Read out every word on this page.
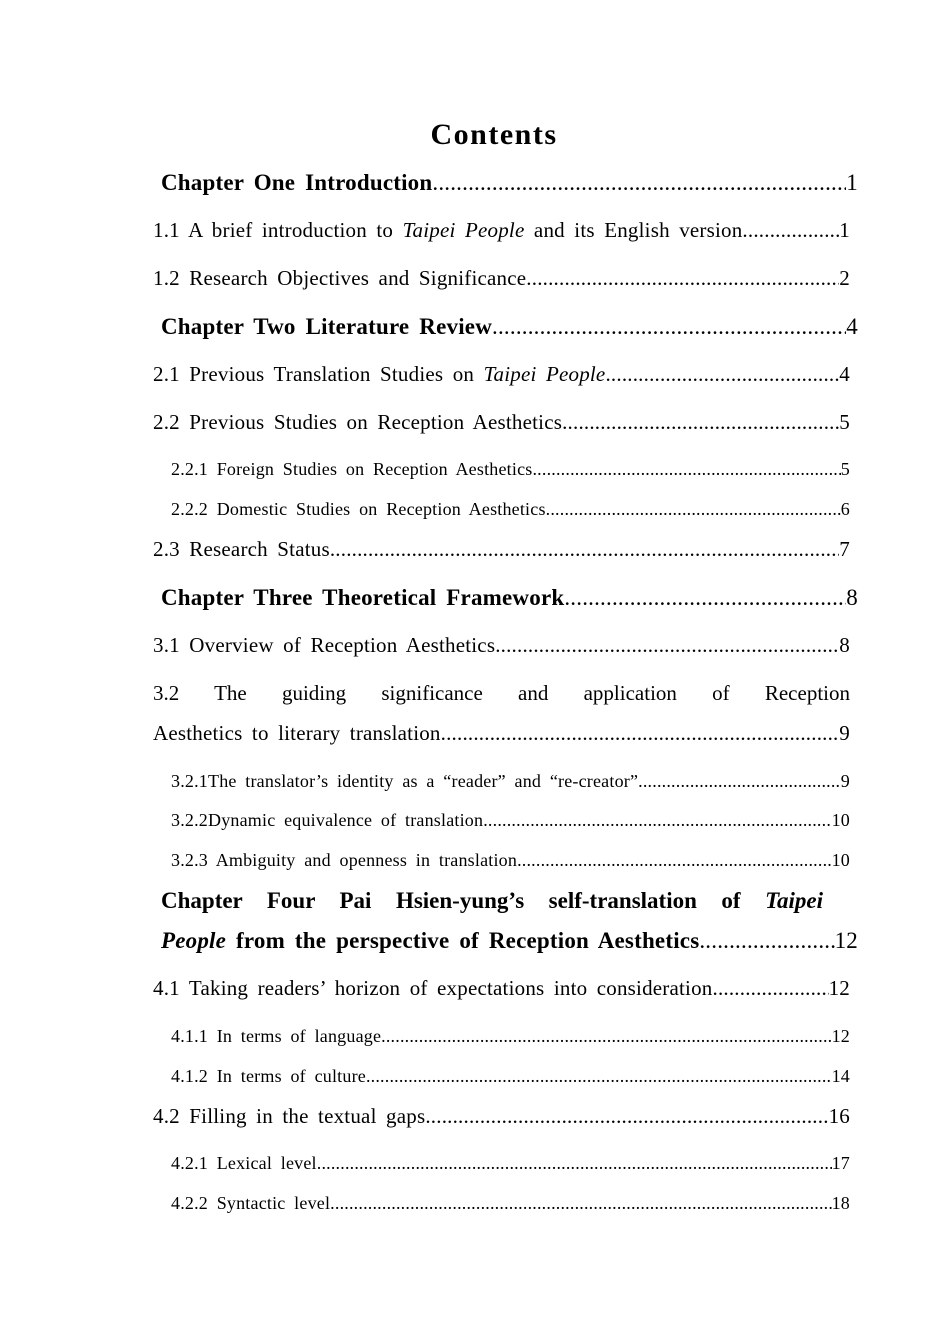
Contents
Chapter One Introduction .....	1
1.1 A brief introduction to Taipei People and its English version. .....	1
1.2 Research Objectives and Significance .....	2
Chapter Two Literature Review .....	4
2.1 Previous Translation Studies on Taipei People .....	4
2.2 Previous Studies on Reception Aesthetics .....	5
2.2.1 Foreign Studies on Reception Aesthetics .....	5
2.2.2 Domestic Studies on Reception Aesthetics .....	6
2.3 Research Status .....	7
Chapter Three Theoretical Framework .....	8
3.1 Overview of Reception Aesthetics .....	8
3.2 The guiding significance and application of Reception
Aesthetics to literary translation .....	9
3.2.1The translator’s identity as a “reader” and “re-creator” .....	9
3.2.2Dynamic equivalence of translation .....	10
3.2.3 Ambiguity and openness in translation .....	10
Chapter Four Pai Hsien-yung’s self-translation of Taipei
People from the perspective of Reception Aesthetics .....	12
4.1 Taking readers’ horizon of expectations into consideration. .....	12
4.1.1 In terms of language .....	12
4.1.2 In terms of culture .....	14
4.2 Filling in the textual gaps .....	16
4.2.1 Lexical level .....	17
4.2.2 Syntactic level .....	18
